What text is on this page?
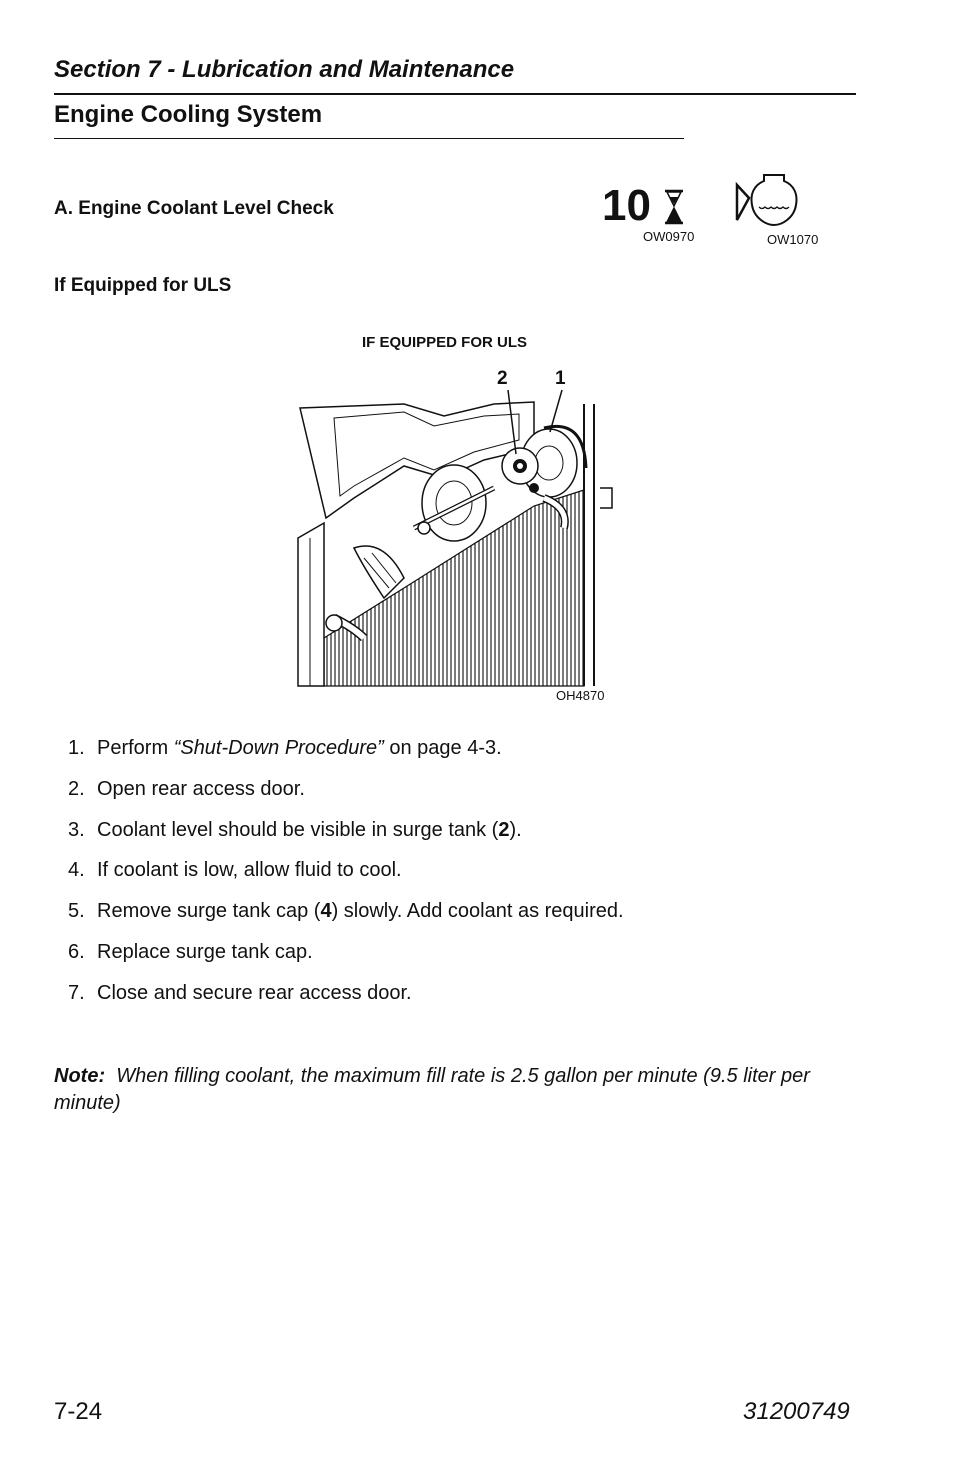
Section 7 - Lubrication and Maintenance
Engine Cooling System
A. Engine Coolant Level Check
If Equipped for ULS
10
OW0970	OW1070
IF EQUIPPED FOR ULS
2 1
OH4870
1. Perform “Shut-Down Procedure” on page 4-3.
2. Open rear access door.
3. Coolant level should be visible in surge tank (2).
4. If coolant is low, allow fluid to cool.
5. Remove surge tank cap (4) slowly. Add coolant as required.
6. Replace surge tank cap.
7. Close and secure rear access door.
Note: When filling coolant, the maximum fill rate is 2.5 gallon per minute (9.5 liter per minute)
7-24	31200749
